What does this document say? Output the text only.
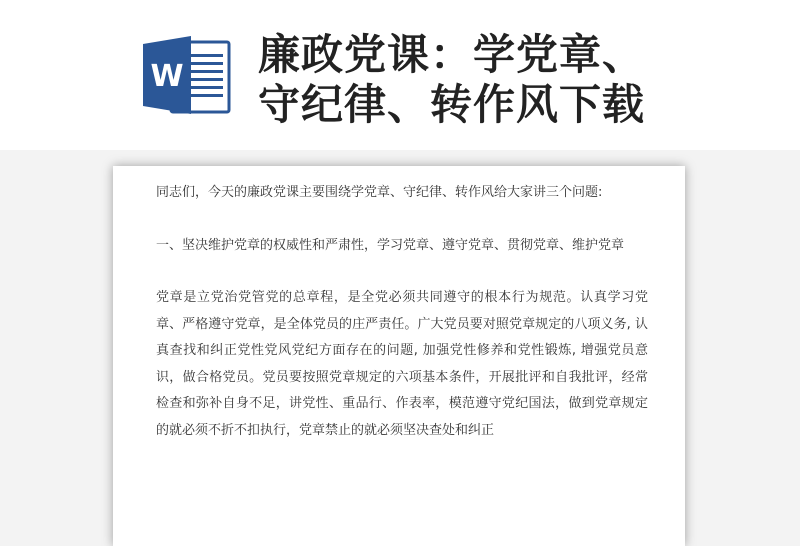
W 廉政党课：学党章、
守纪律、转作风下载

同志们，今天的廉政党课主要围绕学党章、守纪律、转作风给大家讲三个问题:

一、坚决维护党章的权威性和严肃性，学习党章、遵守党章、贯彻党章、维护党章

党章是立党治党管党的总章程，是全党必须共同遵守的根本行为规范。认真学习党章、严格遵守党章，是全体党员的庄严责任。广大党员要对照党章规定的八项义务, 认真查找和纠正党性党风党纪方面存在的问题, 加强党性修养和党性锻炼, 增强党员意识，做合格党员。党员要按照党章规定的六项基本条件，开展批评和自我批评，经常检查和弥补自身不足，讲党性、重品行、作表率，模范遵守党纪国法，做到党章规定的就必须不折不扣执行，党章禁止的就必须坚决查处和纠正
